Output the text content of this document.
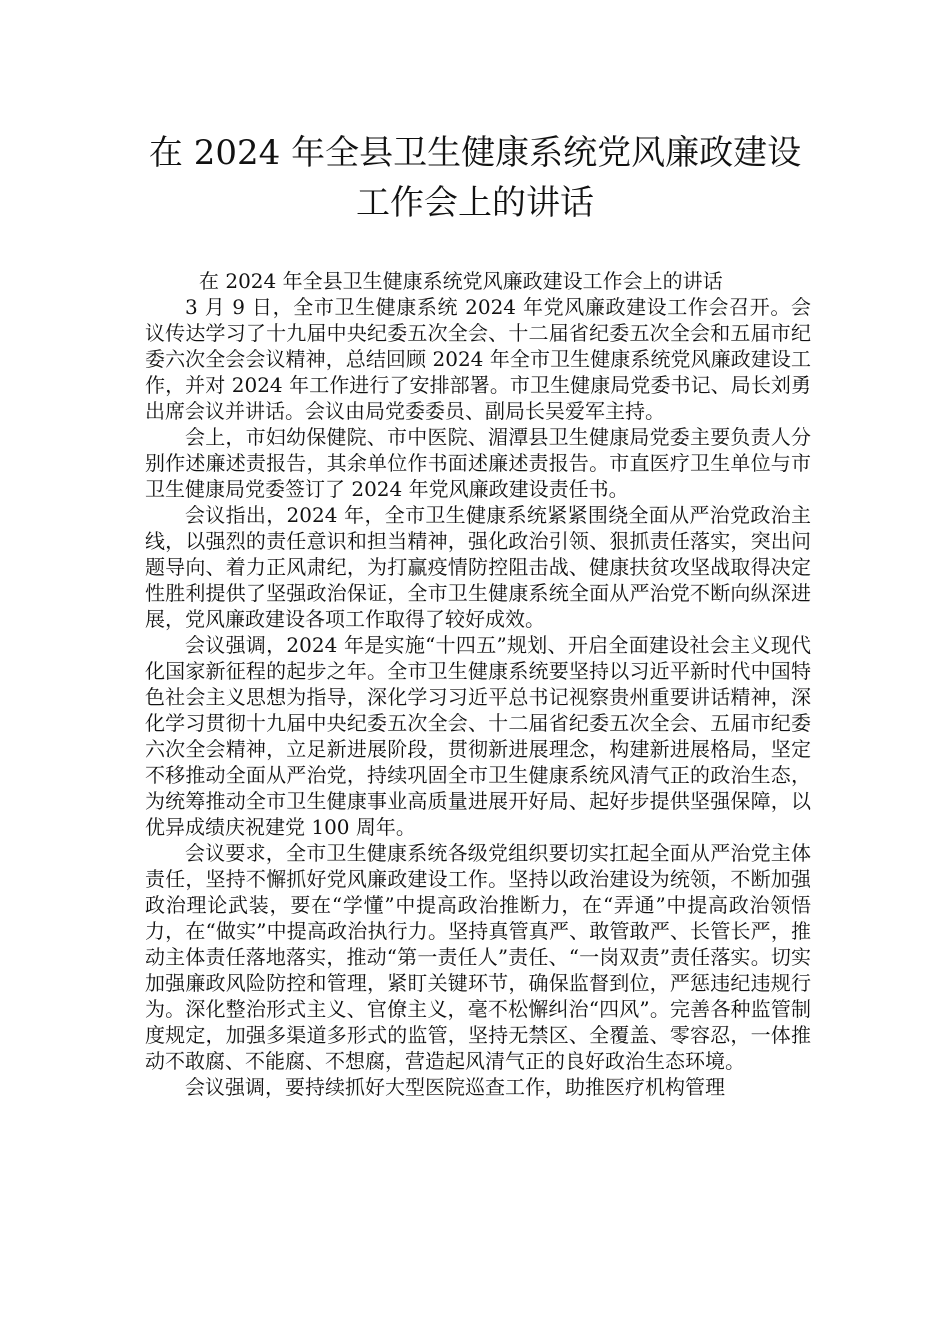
在 2024 年全县卫生健康系统党风廉政建设
工作会上的讲话

在 2024 年全县卫生健康系统党风廉政建设工作会上的讲话

3 月 9 日，全市卫生健康系统 2024 年党风廉政建设工作会召开。会议传达学习了十九届中央纪委五次全会、十二届省纪委五次全会和五届市纪委六次全会会议精神，总结回顾 2024 年全市卫生健康系统党风廉政建设工作，并对 2024 年工作进行了安排部署。市卫生健康局党委书记、局长刘勇出席会议并讲话。会议由局党委委员、副局长吴爱军主持。

会上，市妇幼保健院、市中医院、湄潭县卫生健康局党委主要负责人分别作述廉述责报告，其余单位作书面述廉述责报告。市直医疗卫生单位与市卫生健康局党委签订了 2024 年党风廉政建设责任书。

会议指出，2024 年，全市卫生健康系统紧紧围绕全面从严治党政治主线，以强烈的责任意识和担当精神，强化政治引领、狠抓责任落实，突出问题导向、着力正风肃纪，为打赢疫情防控阻击战、健康扶贫攻坚战取得决定性胜利提供了坚强政治保证，全市卫生健康系统全面从严治党不断向纵深进展，党风廉政建设各项工作取得了较好成效。

会议强调，2024 年是实施“十四五”规划、开启全面建设社会主义现代化国家新征程的起步之年。全市卫生健康系统要坚持以习近平新时代中国特色社会主义思想为指导，深化学习习近平总书记视察贵州重要讲话精神，深化学习贯彻十九届中央纪委五次全会、十二届省纪委五次全会、五届市纪委六次全会精神，立足新进展阶段，贯彻新进展理念，构建新进展格局，坚定不移推动全面从严治党，持续巩固全市卫生健康系统风清气正的政治生态，为统筹推动全市卫生健康事业高质量进展开好局、起好步提供坚强保障，以优异成绩庆祝建党 100 周年。

会议要求，全市卫生健康系统各级党组织要切实扛起全面从严治党主体责任，坚持不懈抓好党风廉政建设工作。坚持以政治建设为统领，不断加强政治理论武装，要在“学懂”中提高政治推断力，在“弄通”中提高政治领悟力，在“做实”中提高政治执行力。坚持真管真严、敢管敢严、长管长严，推动主体责任落地落实，推动“第一责任人”责任、“一岗双责”责任落实。切实加强廉政风险防控和管理，紧盯关键环节，确保监督到位，严惩违纪违规行为。深化整治形式主义、官僚主义，毫不松懈纠治“四风”。完善各种监管制度规定，加强多渠道多形式的监管，坚持无禁区、全覆盖、零容忍，一体推动不敢腐、不能腐、不想腐，营造起风清气正的良好政治生态环境。

会议强调，要持续抓好大型医院巡查工作，助推医疗机构管理
